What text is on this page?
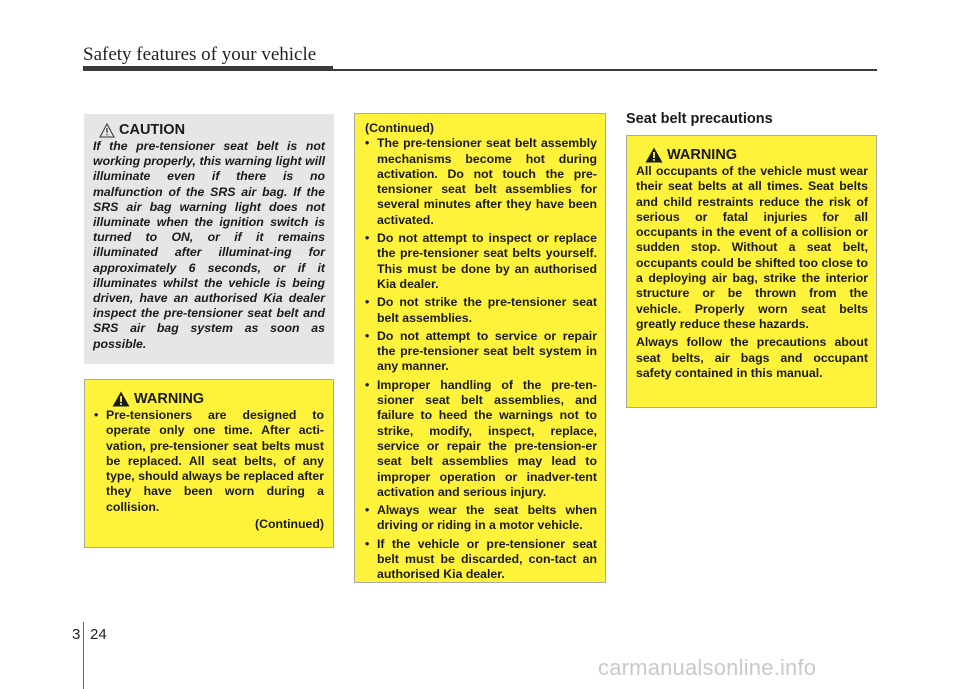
Safety features of your vehicle
CAUTION
If the pre-tensioner seat belt is not working properly, this warning light will illuminate even if there is no malfunction of the SRS air bag. If the SRS air bag warning light does not illuminate when the ignition switch is turned to ON, or if it remains illuminated after illuminat-ing for approximately 6 seconds, or if it illuminates whilst the vehicle is being driven, have an authorised Kia dealer inspect the pre-tensioner seat belt and SRS air bag system as soon as possible.
WARNING
• Pre-tensioners are designed to operate only one time. After acti-vation, pre-tensioner seat belts must be replaced. All seat belts, of any type, should always be replaced after they have been worn during a collision.
(Continued)
(Continued)
• The pre-tensioner seat belt assembly mechanisms become hot during activation. Do not touch the pre-tensioner seat belt assemblies for several minutes after they have been activated.
• Do not attempt to inspect or replace the pre-tensioner seat belts yourself. This must be done by an authorised Kia dealer.
• Do not strike the pre-tensioner seat belt assemblies.
• Do not attempt to service or repair the pre-tensioner seat belt system in any manner.
• Improper handling of the pre-ten-sioner seat belt assemblies, and failure to heed the warnings not to strike, modify, inspect, replace, service or repair the pre-tension-er seat belt assemblies may lead to improper operation or inadver-tent activation and serious injury.
• Always wear the seat belts when driving or riding in a motor vehicle.
• If the vehicle or pre-tensioner seat belt must be discarded, con-tact an authorised Kia dealer.
Seat belt precautions
WARNING

All occupants of the vehicle must wear their seat belts at all times. Seat belts and child restraints reduce the risk of serious or fatal injuries for all occupants in the event of a collision or sudden stop. Without a seat belt, occupants could be shifted too close to a deploying air bag, strike the interior structure or be thrown from the vehicle. Properly worn seat belts greatly reduce these hazards.

Always follow the precautions about seat belts, air bags and occupant safety contained in this manual.

3 24
carmanualsonline.info
